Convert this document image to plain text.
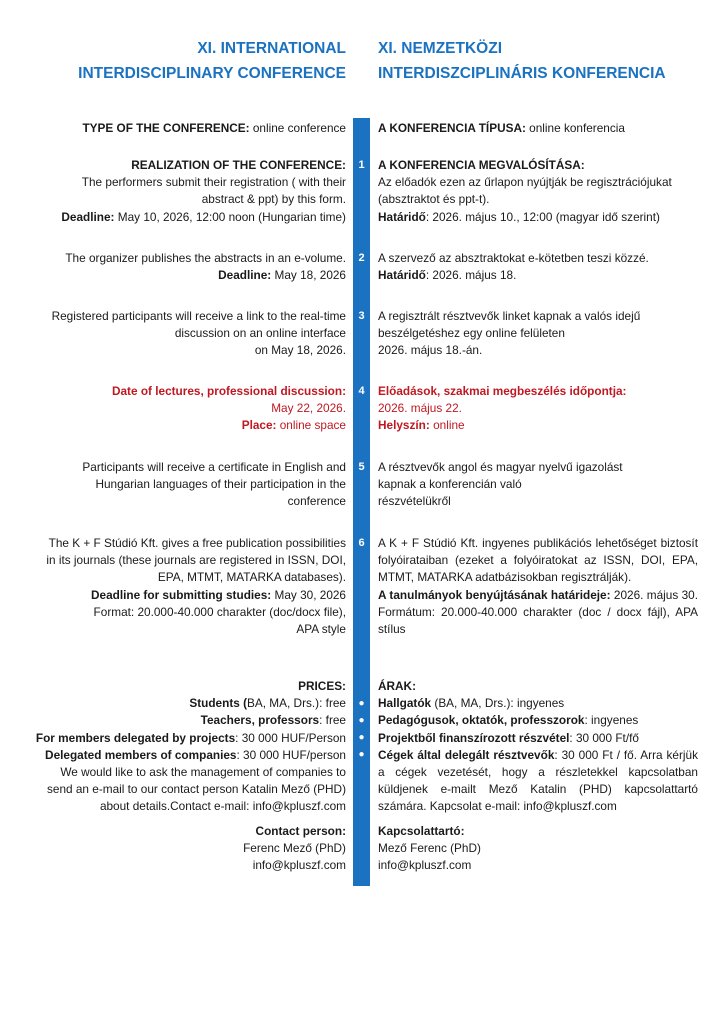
XI. INTERNATIONAL
INTERDISCIPLINARY CONFERENCE
XI. NEMZETKÖZI
INTERDISZCIPLINÁRIS KONFERENCIA
TYPE OF THE CONFERENCE: online conference	A KONFERENCIA TÍPUSA: online konferencia
1
REALIZATION OF THE CONFERENCE:
The performers submit their registration ( with their
abstract & ppt) by this form.
Deadline: May 10, 2026, 12:00 noon (Hungarian time)
A KONFERENCIA MEGVALÓSÍTÁSA:
Az előadók ezen az űrlapon nyújtják be regisztrációjukat
(absztraktot és ppt-t).
Határidő: 2026. május 10., 12:00 (magyar idő szerint)
2
The organizer publishes the abstracts in an e-volume.
Deadline: May 18, 2026
A szervező az absztraktokat e-kötetben teszi közzé.
Határidő: 2026. május 18.
3
Registered participants will receive a link to the real-time
discussion on an online interface
on May 18, 2026.
A regisztrált résztvevők linket kapnak a valós idejű
beszélgetéshez egy online felületen
2026. május 18.-án.
4
Date of lectures, professional discussion:
May 22, 2026.
Place: online space
Előadások, szakmai megbeszélés időpontja:
2026. május 22.
Helyszín: online
5
Participants will receive a certificate in English and
Hungarian languages of their participation in the
conference
A résztvevők angol és magyar nyelvű igazolást
kapnak a konferencián való
részvételükről
6
The K + F Stúdió Kft. gives a free publication possibilities
in its journals (these journals are registered in ISSN, DOI,
EPA, MTMT, MATARKA databases).
Deadline for submitting studies: May 30, 2026
Format: 20.000-40.000 charakter (doc/docx file),
APA style
A K + F Stúdió Kft. ingyenes publikációs lehetőséget biztosít folyóirataiban (ezeket a folyóiratokat az ISSN, DOI, EPA, MTMT, MATARKA adatbázisokban regisztrálják).
A tanulmányok benyújtásának határideje: 2026. május 30. Formátum: 20.000-40.000 charakter (doc / docx fájl), APA stílus
●
●
●
●
PRICES:
Students (BA, MA, Drs.): free
Teachers, professors: free
For members delegated by projects: 30 000 HUF/Person
Delegated members of companies: 30 000 HUF/person
We would like to ask the management of companies to
send an e-mail to our contact person Katalin Mező (PHD)
about details.Contact e-mail: info@kpluszf.com
ÁRAK:
Hallgatók (BA, MA, Drs.): ingyenes
Pedagógusok, oktatók, professzorok: ingyenes
Projektből finanszírozott részvétel: 30 000 Ft/fő
Cégek által delegált résztvevők: 30 000 Ft / fő. Arra kérjük a cégek vezetését, hogy a részletekkel kapcsolatban küldjenek e-mailt Mező Katalin (PHD) kapcsolattartó számára. Kapcsolat e-mail: info@kpluszf.com
Contact person:
Ferenc Mező (PhD)
info@kpluszf.com
Kapcsolattartó:
Mező Ferenc (PhD)
info@kpluszf.com
